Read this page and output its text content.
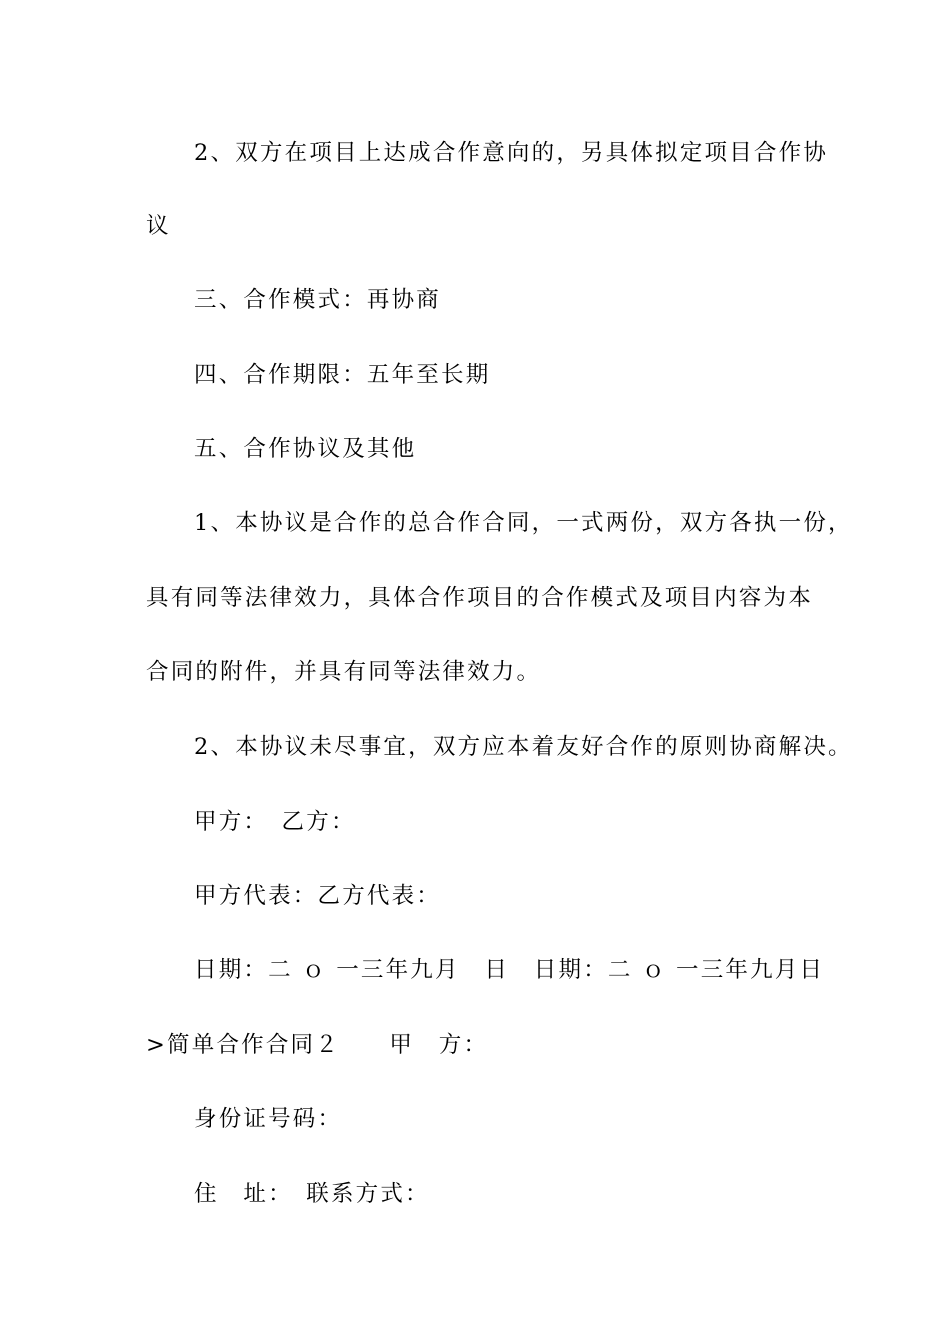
2、双方在项目上达成合作意向的，另具体拟定项目合作协
议
三、合作模式：再协商
四、合作期限：五年至长期
五、合作协议及其他
1、本协议是合作的总合作合同，一式两份，双方各执一份，
具有同等法律效力，具体合作项目的合作模式及项目内容为本
合同的附件，并具有同等法律效力。
2、本协议未尽事宜，双方应本着友好合作的原则协商解决。
甲方：　乙方：
甲方代表：乙方代表：
日期：二 ｏ 一三年九月　日　日期：二 ｏ 一三年九月日
>简单合作合同２　　甲　方：
身份证号码：
住　址：　联系方式：
